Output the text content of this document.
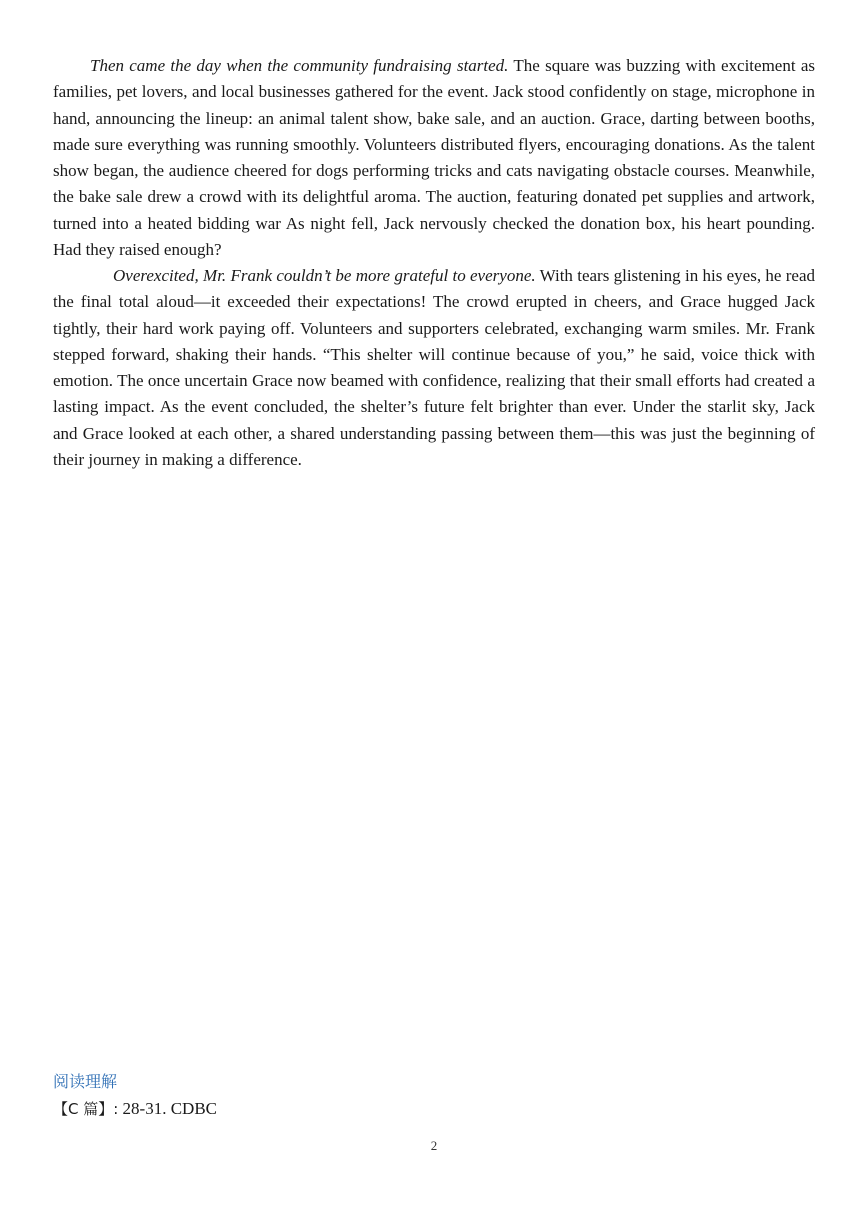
Then came the day when the community fundraising started. The square was buzzing with excitement as families, pet lovers, and local businesses gathered for the event. Jack stood confidently on stage, microphone in hand, announcing the lineup: an animal talent show, bake sale, and an auction. Grace, darting between booths, made sure everything was running smoothly. Volunteers distributed flyers, encouraging donations. As the talent show began, the audience cheered for dogs performing tricks and cats navigating obstacle courses. Meanwhile, the bake sale drew a crowd with its delightful aroma. The auction, featuring donated pet supplies and artwork, turned into a heated bidding war As night fell, Jack nervously checked the donation box, his heart pounding. Had they raised enough?

Overexcited, Mr. Frank couldn’t be more grateful to everyone. With tears glistening in his eyes, he read the final total aloud—it exceeded their expectations! The crowd erupted in cheers, and Grace hugged Jack tightly, their hard work paying off. Volunteers and supporters celebrated, exchanging warm smiles. Mr. Frank stepped forward, shaking their hands. “This shelter will continue because of you,” he said, voice thick with emotion. The once uncertain Grace now beamed with confidence, realizing that their small efforts had created a lasting impact. As the event concluded, the shelter’s future felt brighter than ever. Under the starlit sky, Jack and Grace looked at each other, a shared understanding passing between them—this was just the beginning of their journey in making a difference.

阅读理解

【C 篇】: 28-31. CDBC

2
